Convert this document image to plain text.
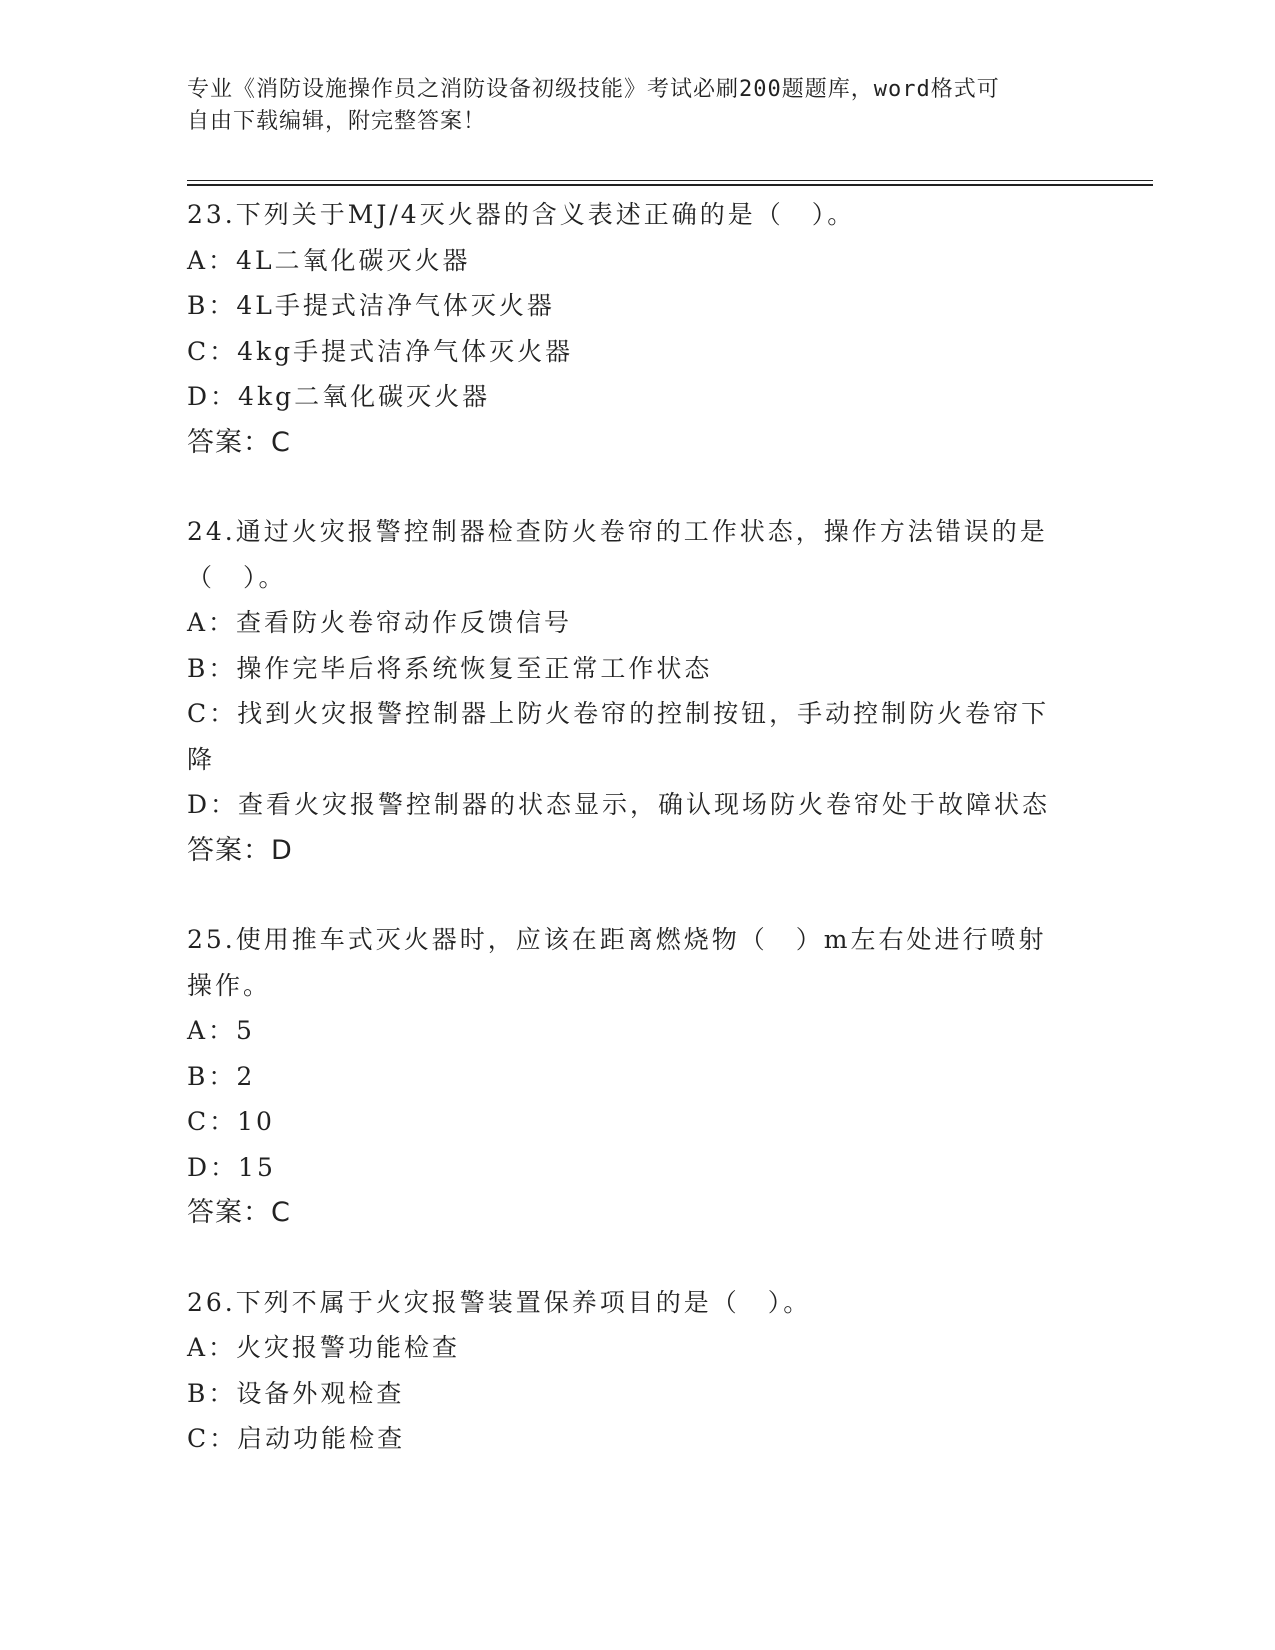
专业《消防设施操作员之消防设备初级技能》考试必刷200题题库，word格式可
自由下载编辑，附完整答案！
23.下列关于MJ/4灭火器的含义表述正确的是（　）。
A：4L二氧化碳灭火器
B：4L手提式洁净气体灭火器
C：4kg手提式洁净气体灭火器
D：4kg二氧化碳灭火器
答案：C
24.通过火灾报警控制器检查防火卷帘的工作状态，操作方法错误的是
（　）。
A：查看防火卷帘动作反馈信号
B：操作完毕后将系统恢复至正常工作状态
C：找到火灾报警控制器上防火卷帘的控制按钮，手动控制防火卷帘下
降
D：查看火灾报警控制器的状态显示，确认现场防火卷帘处于故障状态
答案：D
25.使用推车式灭火器时，应该在距离燃烧物（　）m左右处进行喷射
操作。
A：5
B：2
C：10
D：15
答案：C
26.下列不属于火灾报警装置保养项目的是（　）。
A：火灾报警功能检查
B：设备外观检查
C：启动功能检查
